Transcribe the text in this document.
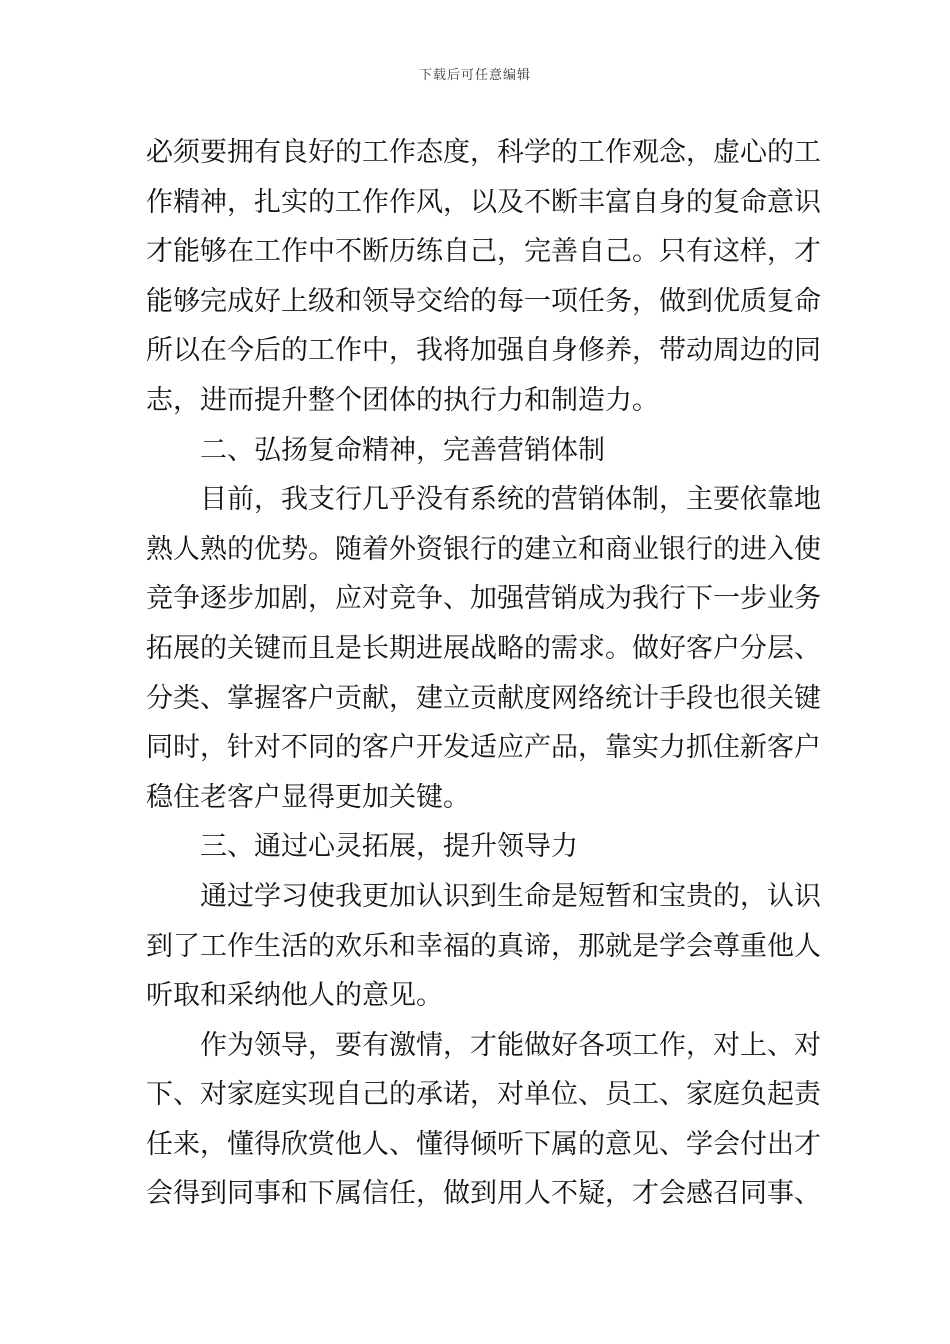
下载后可任意编辑
必须要拥有良好的工作态度，科学的工作观念，虚心的工
作精神，扎实的工作作风，以及不断丰富自身的复命意识
才能够在工作中不断历练自己，完善自己。只有这样，才
能够完成好上级和领导交给的每一项任务，做到优质复命
所以在今后的工作中，我将加强自身修养，带动周边的同
志，进而提升整个团体的执行力和制造力。
二、弘扬复命精神，完善营销体制
目前，我支行几乎没有系统的营销体制，主要依靠地
熟人熟的优势。随着外资银行的建立和商业银行的进入使
竞争逐步加剧，应对竞争、加强营销成为我行下一步业务
拓展的关键而且是长期进展战略的需求。做好客户分层、
分类、掌握客户贡献，建立贡献度网络统计手段也很关键
同时，针对不同的客户开发适应产品，靠实力抓住新客户
稳住老客户显得更加关键。
三、通过心灵拓展，提升领导力
通过学习使我更加认识到生命是短暂和宝贵的，认识
到了工作生活的欢乐和幸福的真谛，那就是学会尊重他人
听取和采纳他人的意见。
作为领导，要有激情，才能做好各项工作，对上、对
下、对家庭实现自己的承诺，对单位、员工、家庭负起责
任来，懂得欣赏他人、懂得倾听下属的意见、学会付出才
会得到同事和下属信任，做到用人不疑，才会感召同事、
